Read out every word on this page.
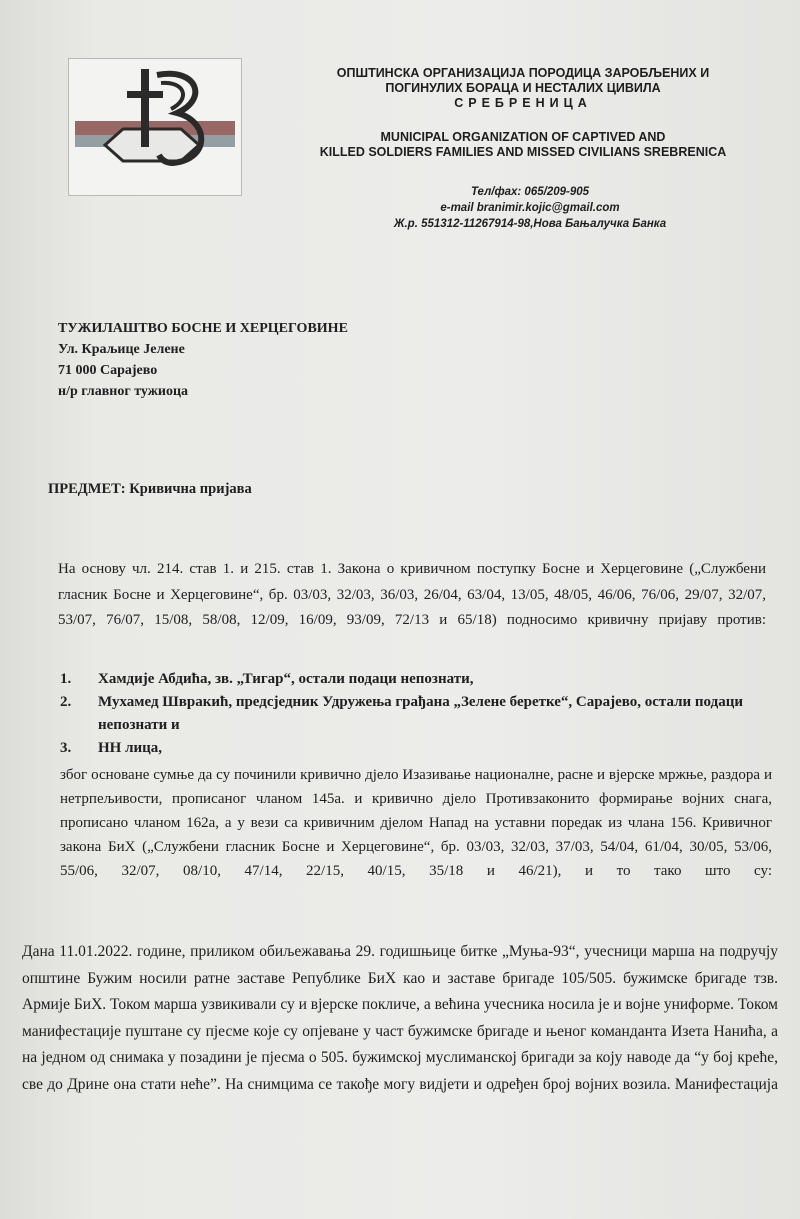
ОПШТИНСКА ОРГАНИЗАЦИЈА ПОРОДИЦА ЗАРОБЉЕНИХ И
ПОГИНУЛИХ БОРАЦА И НЕСТАЛИХ ЦИВИЛА
СРЕБРЕНИЦА
MUNICIPAL ORGANIZATION OF CAPTIVED AND
KILLED SOLDIERS FAMILIES AND MISSED CIVILIANS SREBRENICA
Тел/фах: 065/209-905
e-mail branimir.kojic@gmail.com
Ж.р. 551312-11267914-98,Нова Бањалучка Банка
ТУЖИЛАШТВО БОСНЕ И ХЕРЦЕГОВИНЕ
Ул. Краљице Јелене
71 000 Сарајево
н/р главног тужиоца
ПРЕДМЕТ: Кривична пријава
На основу чл. 214. став 1. и 215. став 1. Закона о кривичном поступку Босне и Херцеговине („Службени гласник Босне и Херцеговине“, бр. 03/03, 32/03, 36/03, 26/04, 63/04, 13/05, 48/05, 46/06, 76/06, 29/07, 32/07, 53/07, 76/07, 15/08, 58/08, 12/09, 16/09, 93/09, 72/13 и 65/18) подносимо кривичну пријаву против:
1. Хамдије Абдића, зв. „Тигар“, остали подаци непознати,
2. Мухамед Швракић, предсједник Удружења грађана „Зелене беретке“, Сарајево, остали подаци непознати и
3. НН лица,
због основане сумње да су починили кривично дјело Изазивање националне, расне и вјерске мржње, раздора и нетрпељивости, прописаног чланом 145а. и кривично дјело Противзаконито формирање војних снага, прописано чланом 162а, а у вези са кривичним дјелом Напад на уставни поредак из члана 156. Кривичног закона БиХ („Службени гласник Босне и Херцеговине“, бр. 03/03, 32/03, 37/03, 54/04, 61/04, 30/05, 53/06, 55/06, 32/07, 08/10, 47/14, 22/15, 40/15, 35/18 и 46/21), и то тако што су:
Дана 11.01.2022. године, приликом обиљежавања 29. годишњице битке „Муња-93“, учесници марша на подручју општине Бужим носили ратне заставе Републике БиХ као и заставе бригаде 105/505. бужимске бригаде тзв. Армије БиХ. Током марша узвикивали су и вјерске покличе, а већина учесника носила је и војне униформе. Током манифестације пуштане су пјесме које су опјеване у част бужимске бригаде и њеног команданта Изета Нанића, а на једном од снимака у позадини је пјесма о 505. бужимској муслиманској бригади за коју наводе да “у бој креће, све до Дрине она стати неће”. На снимцима се такође могу видјети и одређен број војних возила. Манифестација
